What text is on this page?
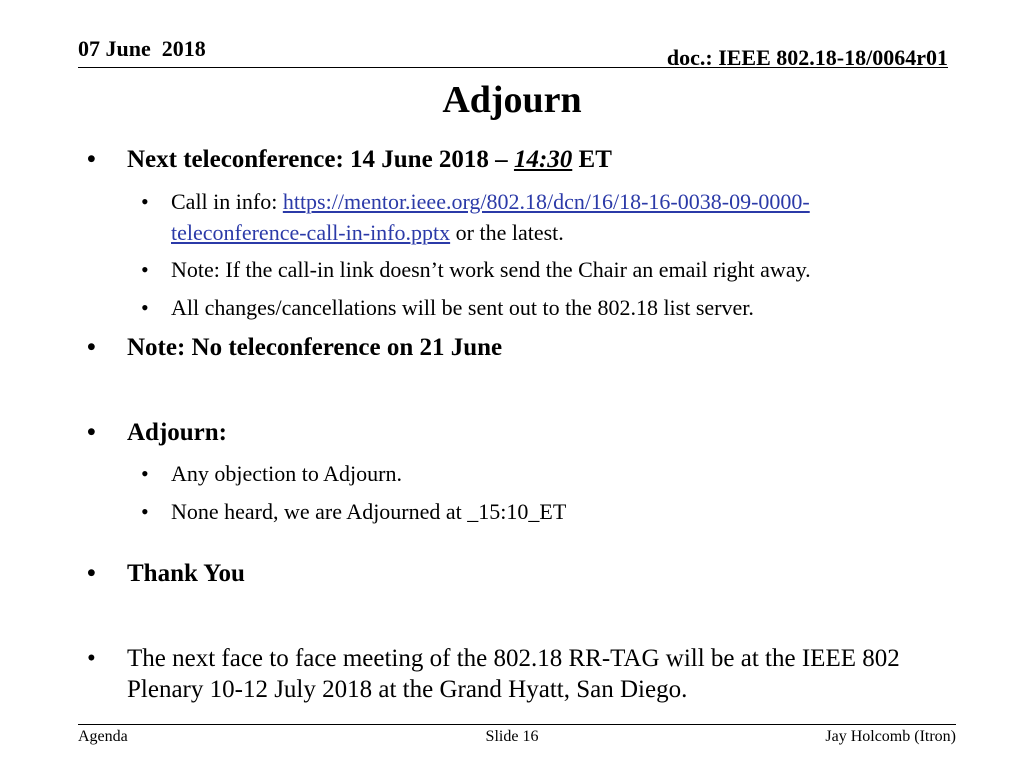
07 June  2018	doc.: IEEE 802.18-18/0064r01
Adjourn
• Next teleconference: 14 June 2018 – 14:30 ET
• Call in info: https://mentor.ieee.org/802.18/dcn/16/18-16-0038-09-0000-
teleconference-call-in-info.pptx or the latest.
• Note: If the call-in link doesn’t work send the Chair an email right away.
• All changes/cancellations will be sent out to the 802.18 list server.
• Note: No teleconference on 21 June
• Adjourn:
• Any objection to Adjourn.
• None heard, we are Adjourned at _15:10_ET
• Thank You
• The next face to face meeting of the 802.18 RR-TAG will be at the IEEE 802
Plenary 10-12 July 2018 at the Grand Hyatt, San Diego.
Agenda	Slide 16	Jay Holcomb (Itron)
